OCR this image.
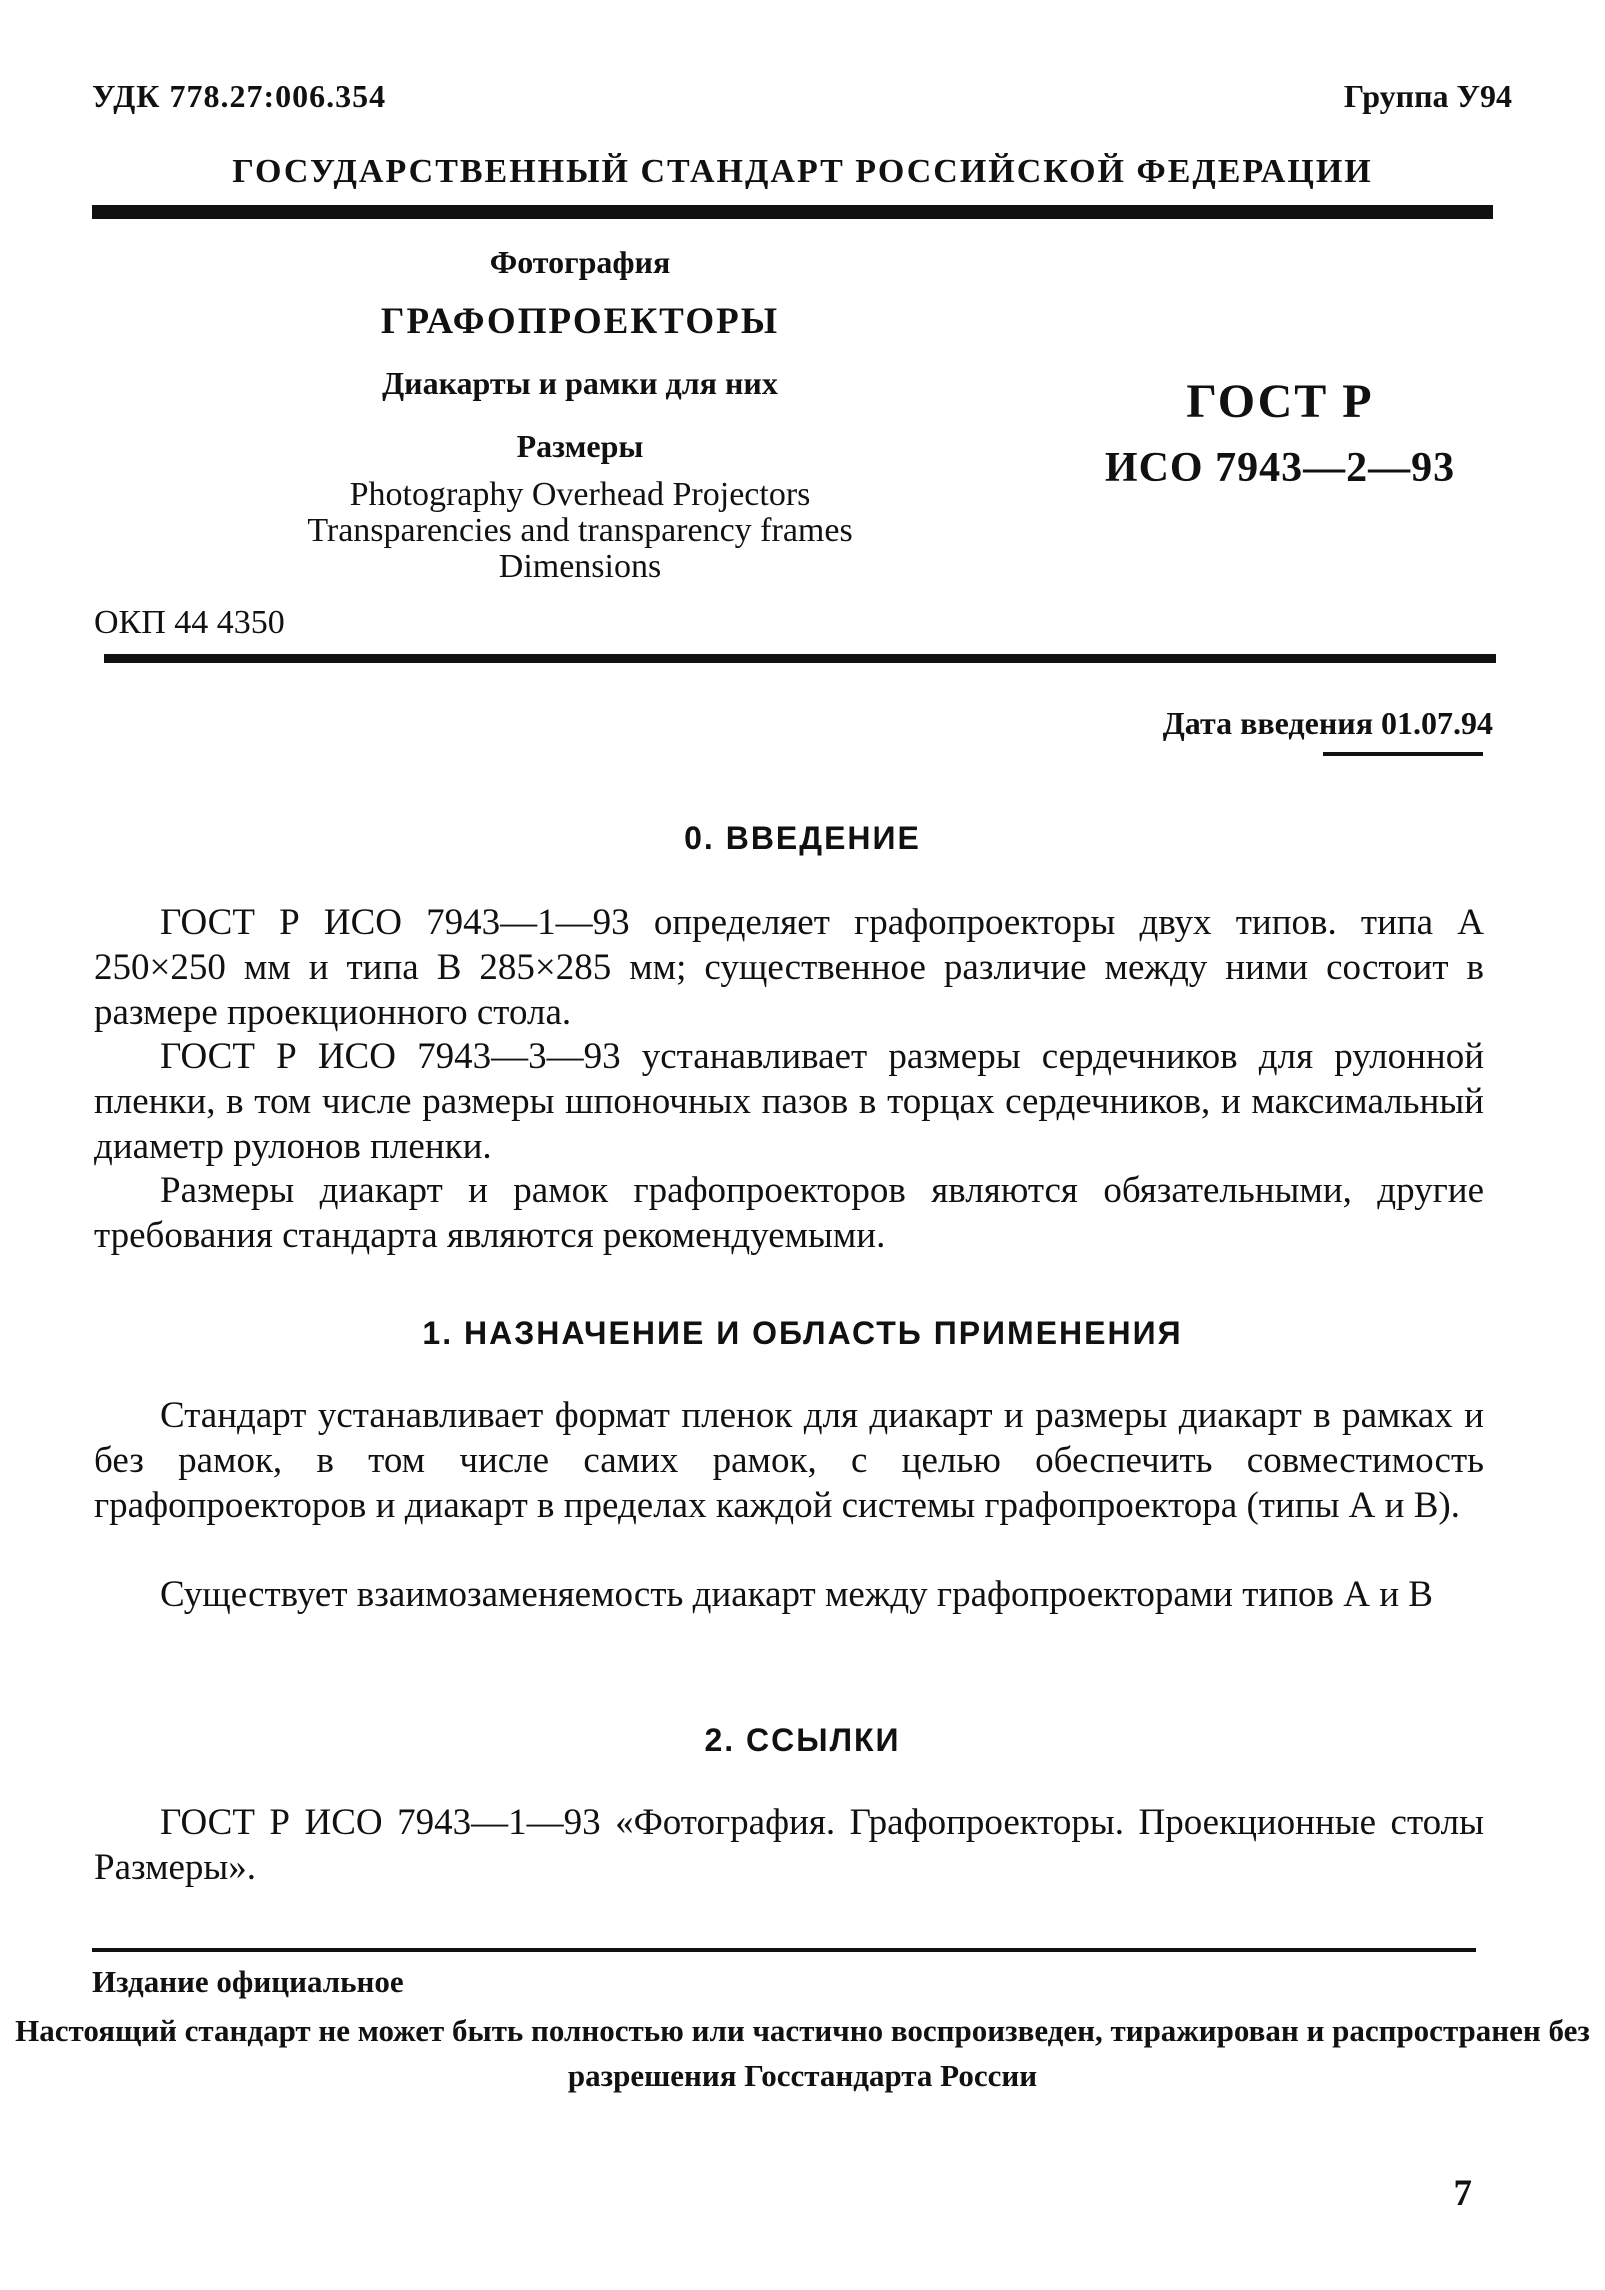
УДК 778.27:006.354	Группа У94
ГОСУДАРСТВЕННЫЙ СТАНДАРТ РОССИЙСКОЙ ФЕДЕРАЦИИ
Фотография
ГРАФОПРОЕКТОРЫ
Диакарты и рамки для них
Размеры
Photography Overhead Projectors
Transparencies and transparency frames
Dimensions
ОКП 44 4350
ГОСТ Р
ИСО 7943—2—93
Дата введения 01.07.94
0. ВВЕДЕНИЕ
ГОСТ Р ИСО 7943—1—93 определяет графопроекторы двух типов. типа А 250×250 мм и типа В 285×285 мм; существенное различие между ними состоит в размере проекционного стола.
ГОСТ Р ИСО 7943—3—93 устанавливает размеры сердечников для рулонной пленки, в том числе размеры шпоночных пазов в торцах сердечников, и максимальный диаметр рулонов пленки.
Размеры диакарт и рамок графопроекторов являются обязательными, другие требования стандарта являются рекомендуемыми.
1. НАЗНАЧЕНИЕ И ОБЛАСТЬ ПРИМЕНЕНИЯ
Стандарт устанавливает формат пленок для диакарт и размеры диакарт в рамках и без рамок, в том числе самих рамок, с целью обеспечить совместимость графопроекторов и диакарт в пределах каждой системы графопроектора (типы А и В).
Существует взаимозаменяемость диакарт между графопроекторами типов А и В
2. ССЫЛКИ
ГОСТ Р ИСО 7943—1—93 «Фотография. Графопроекторы. Проекционные столы Размеры».
Издание официальное
Настоящий стандарт не может быть полностью или частично воспроизведен, тиражирован и распространен без разрешения Госстандарта России
7
